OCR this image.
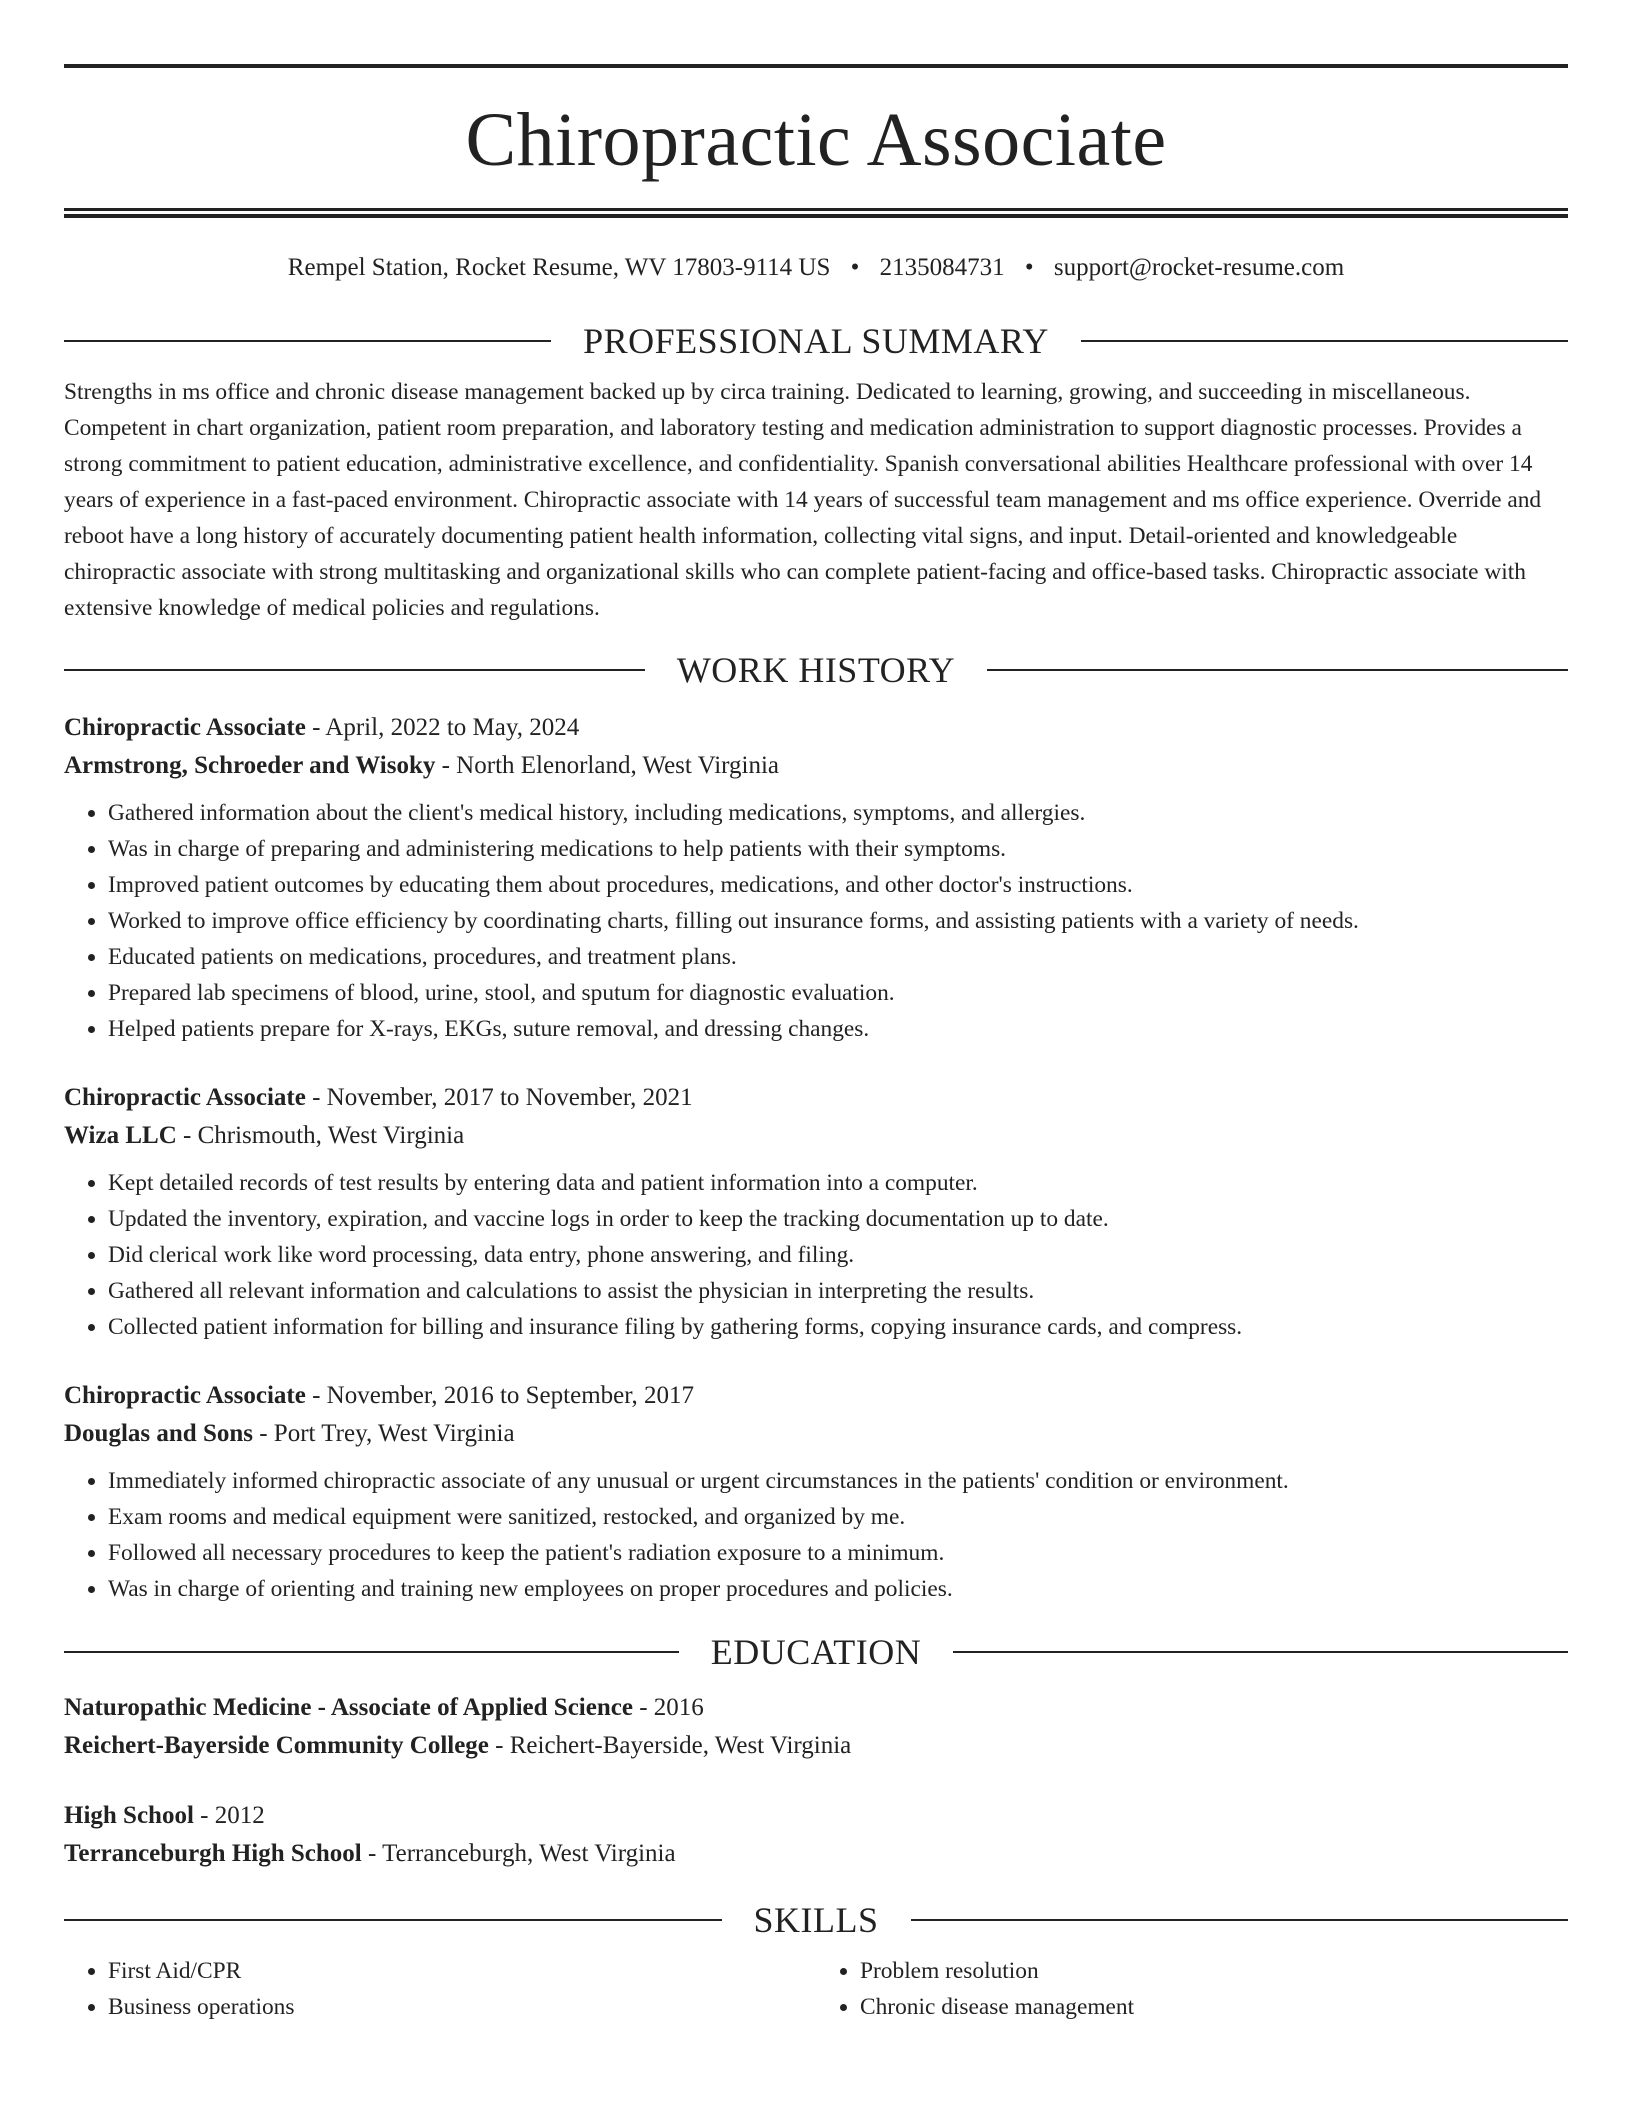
Chiropractic Associate
Rempel Station, Rocket Resume, WV 17803-9114 US • 2135084731 • support@rocket-resume.com
PROFESSIONAL SUMMARY

Strengths in ms office and chronic disease management backed up by circa training. Dedicated to learning, growing, and succeeding in miscellaneous. Competent in chart organization, patient room preparation, and laboratory testing and medication administration to support diagnostic processes. Provides a strong commitment to patient education, administrative excellence, and confidentiality. Spanish conversational abilities Healthcare professional with over 14 years of experience in a fast-paced environment. Chiropractic associate with 14 years of successful team management and ms office experience. Override and reboot have a long history of accurately documenting patient health information, collecting vital signs, and input. Detail-oriented and knowledgeable chiropractic associate with strong multitasking and organizational skills who can complete patient-facing and office-based tasks. Chiropractic associate with extensive knowledge of medical policies and regulations.

WORK HISTORY
Chiropractic Associate - April, 2022 to May, 2024
Armstrong, Schroeder and Wisoky - North Elenorland, West Virginia
• Gathered information about the client's medical history, including medications, symptoms, and allergies.
• Was in charge of preparing and administering medications to help patients with their symptoms.
• Improved patient outcomes by educating them about procedures, medications, and other doctor's instructions.
• Worked to improve office efficiency by coordinating charts, filling out insurance forms, and assisting patients with a variety of needs.
• Educated patients on medications, procedures, and treatment plans.
• Prepared lab specimens of blood, urine, stool, and sputum for diagnostic evaluation.
• Helped patients prepare for X-rays, EKGs, suture removal, and dressing changes.
Chiropractic Associate - November, 2017 to November, 2021
Wiza LLC - Chrismouth, West Virginia
• Kept detailed records of test results by entering data and patient information into a computer.
• Updated the inventory, expiration, and vaccine logs in order to keep the tracking documentation up to date.
• Did clerical work like word processing, data entry, phone answering, and filing.
• Gathered all relevant information and calculations to assist the physician in interpreting the results.
• Collected patient information for billing and insurance filing by gathering forms, copying insurance cards, and compress.
Chiropractic Associate - November, 2016 to September, 2017
Douglas and Sons - Port Trey, West Virginia
• Immediately informed chiropractic associate of any unusual or urgent circumstances in the patients' condition or environment.
• Exam rooms and medical equipment were sanitized, restocked, and organized by me.
• Followed all necessary procedures to keep the patient's radiation exposure to a minimum.
• Was in charge of orienting and training new employees on proper procedures and policies.
EDUCATION
Naturopathic Medicine - Associate of Applied Science - 2016
Reichert-Bayerside Community College - Reichert-Bayerside, West Virginia
High School - 2012
Terranceburgh High School - Terranceburgh, West Virginia
SKILLS
• First Aid/CPR
• Business operations
• Problem resolution
• Chronic disease management
